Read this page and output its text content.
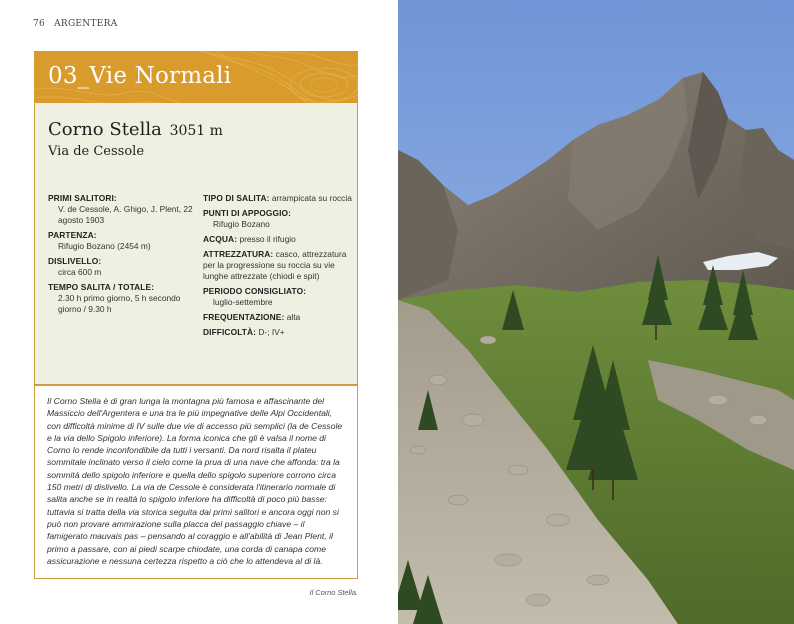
76 ARGENTERA
03_Vie Normali
Corno Stella 3051 m
Via de Cessole
PRIMI SALITORI:
V. de Cessole, A. Ghigo, J. Plent, 22 agosto 1903
PARTENZA:
Rifugio Bozano (2454 m)
DISLIVELLO:
circa 600 m
TEMPO SALITA / TOTALE:
2.30 h primo giorno, 5 h secondo giorno / 9.30 h
TIPO DI SALITA: arrampicata su roccia
PUNTI DI APPOGGIO:
Rifugio Bozano
ACQUA: presso il rifugio
ATTREZZATURA: casco, attrezzatura per la progressione su roccia su vie lunghe attrezzate (chiodi e spit)
PERIODO CONSIGLIATO:
luglio-settembre
FREQUENTAZIONE: alta
DIFFICOLTÀ: D-; IV+
Il Corno Stella è di gran lunga la montagna più famosa e affascinante del Massiccio dell'Argentera e una tra le più impegnative delle Alpi Occidentali, con difficoltà minime di IV sulle due vie di accesso più semplici (la de Cessole e la via dello Spigolo inferiore). La forma iconica che gli è valsa il nome di Corno lo rende inconfondibile da tutti i versanti. Da nord risalta il plateu sommitale inclinato verso il cielo come la prua di una nave che affonda: tra la sommità dello spigolo inferiore e quella dello spigolo superiore corrono circa 150 metri di dislivello. La via de Cessole è considerata l'itinerario normale di salita anche se in realtà lo spigolo inferiore ha difficoltà di poco più basse: tuttavia si tratta della via storica seguita dai primi salitori e ancora oggi non si può non provare ammirazione sulla placca del passaggio chiave – il famigerato mauvais pas – pensando al coraggio e all'abilità di Jean Plent, il primo a passare, con ai piedi scarpe chiodate, una corda di canapa come assicurazione e nessuna certezza rispetto a ciò che lo attendeva al di là.
Il Corno Stella.
